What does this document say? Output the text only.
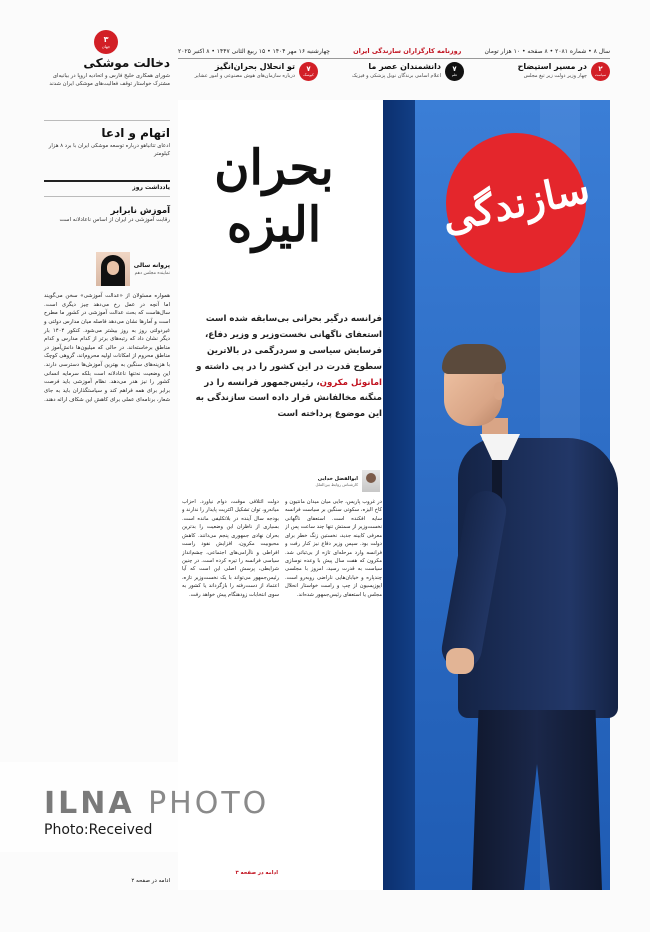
سال ۸ • شماره ۲۰۸۱ • ۸ صفحه • ۱۰ هزار تومان
روزنامه کارگزاران سازندگی ایران
چهارشنبه ۱۶ مهر ۱۴۰۴ • ۱۵ ربیع الثانی ۱۴۴۷ • ۸ اکتبر ۲۰۲۵
۲
سیاست
در مسیر استیضاح
چهار وزیر دولت زیر تیغ مجلس
۷
علم
دانشمندان عصر ما
اعلام اسامی برندگان نوبل پزشکی و فیزیک
۷
کیوسک
تو انحلال بحران‌انگیز
درباره سازمان‌های هوش مصنوعی و امور عشایر
۳
جهان
دخالت موشکی
شورای همکاری خلیج فارس و اتحادیه اروپا در بیانیه‌ای مشترک خواستار توقف فعالیت‌های موشکی ایران شدند
اتهام و ادعا
ادعای تتانیاهو درباره توسعه موشکی ایران با برد ۸ هزار کیلومتر
یادداشت روز
آموزش نابرابر
رقابت آموزشی در ایران از اساس ناعادلانه است
پروانه سالی
نماینده مجلس دهم
همواره مسئولان از «عدالت آموزشی» سخن می‌گویند اما آنچه در عمل رخ می‌دهد چیز دیگری است. سال‌هاست که بحث عدالت آموزشی در کشور ما مطرح است و آمارها نشان می‌دهد فاصله میان مدارس دولتی و غیردولتی روز به روز بیشتر می‌شود. کنکور ۱۴۰۴ بار دیگر نشان داد که رتبه‌های برتر از کدام مدارس و کدام مناطق برخاسته‌اند. در حالی که میلیون‌ها دانش‌آموز در مناطق محروم از امکانات اولیه محروم‌اند، گروهی کوچک با هزینه‌های سنگین به بهترین آموزش‌ها دسترسی دارند. این وضعیت نه‌تنها ناعادلانه است بلکه سرمایه انسانی کشور را نیز هدر می‌دهد. نظام آموزشی باید فرصت برابر برای همه فراهم کند و سیاستگذاران باید به جای شعار، برنامه‌ای عملی برای کاهش این شکاف ارائه دهند.
ادامه در صفحه ۲
بحران
الیزه
فرانسه درگیر بحرانی بی‌سابقه شده است استعفای ناگهانی نخست‌وزیر و وزیر دفاع، فرسایش سیاسی و سردرگمی در بالاترین سطوح قدرت در این کشور را در پی داشته و امانوئل مکرون، رئیس‌جمهور فرانسه را در منگنه مخالفانش قرار داده است سازندگی به این موضوع پرداخته است
ابوالفضل خدایی
کارشناس روابط بین‌الملل
در غروب پاریس، جایی میان میدان مانتیون و کاخ الیزه، سکوتی سنگین بر سیاست فرانسه سایه افکنده است. استعفای ناگهانی نخست‌وزیر از سمتش تنها چند ساعت پس از معرفی کابینه جدید، نخستین زنگ خطر برای دولت بود. سپس وزیر دفاع نیز کنار رفت و فرانسه وارد مرحله‌ای تازه از بی‌ثباتی شد. مکرون که هفت سال پیش با وعده نوسازی سیاست به قدرت رسید، امروز با مجلسی چندپاره و خیابان‌هایی ناراضی روبه‌رو است. اپوزیسیون از چپ و راست خواستار انحلال مجلس یا استعفای رئیس‌جمهور شده‌اند.
دولت ائتلافی موقت، دوام نیاورد. احزاب میانه‌رو، توان تشکیل اکثریت پایدار را ندارند و بودجه سال آینده در بلاتکلیفی مانده است. بسیاری از ناظران این وضعیت را بدترین بحران نهادی جمهوری پنجم می‌دانند. کاهش محبوبیت مکرون، افزایش نفوذ راست افراطی و ناآرامی‌های اجتماعی، چشم‌انداز سیاسی فرانسه را تیره کرده است. در چنین شرایطی، پرسش اصلی این است که آیا رئیس‌جمهور می‌تواند با یک نخست‌وزیر تازه، اعتماد از دست‌رفته را بازگرداند یا کشور به سوی انتخابات زودهنگام پیش خواهد رفت.
ادامه در صفحه ۳
سازندگی
ILNA PHOTO
Photo:Received
